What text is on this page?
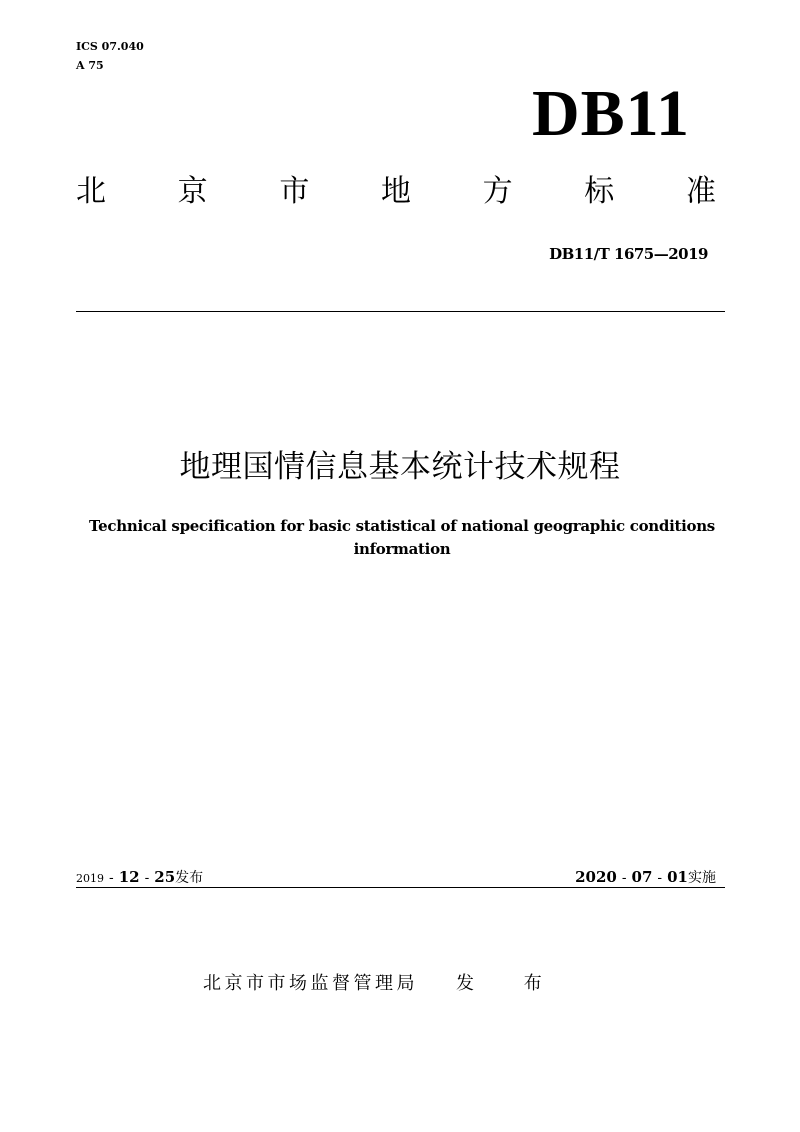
ICS 07.040
A 75
DB11
北 京 市 地 方 标 准
DB11/T 1675—2019
地理国情信息基本统计技术规程
Technical specification for basic statistical of national geographic conditions information
2019 - 12 - 25发布	2020 - 07 - 01实施
北京市市场监督管理局 发 布
